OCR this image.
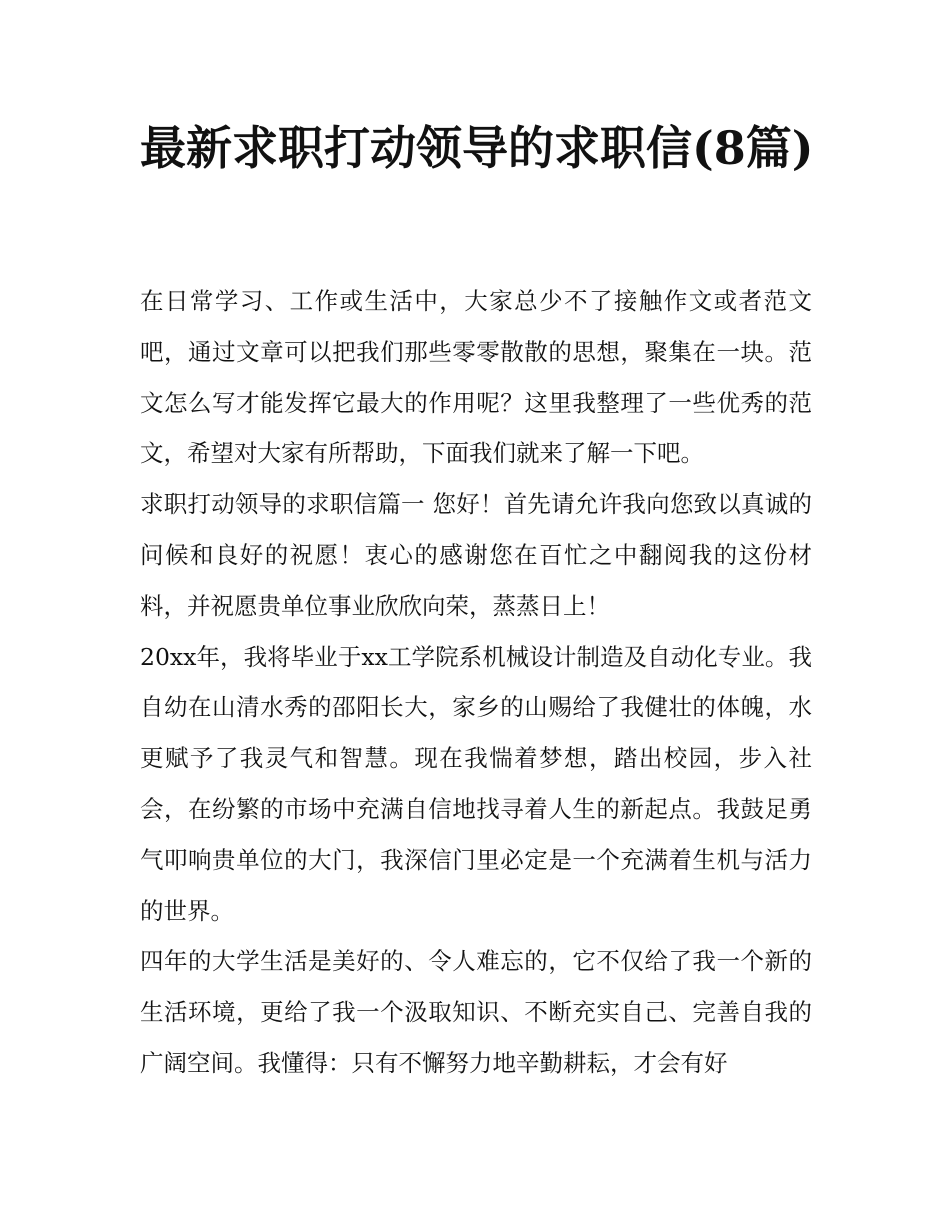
最新求职打动领导的求职信(8篇)

在日常学习、工作或生活中，大家总少不了接触作文或者范文吧，通过文章可以把我们那些零零散散的思想，聚集在一块。范文怎么写才能发挥它最大的作用呢？这里我整理了一些优秀的范文，希望对大家有所帮助，下面我们就来了解一下吧。

求职打动领导的求职信篇一 您好！首先请允许我向您致以真诚的问候和良好的祝愿！衷心的感谢您在百忙之中翻阅我的这份材料，并祝愿贵单位事业欣欣向荣，蒸蒸日上！

20xx年，我将毕业于xx工学院系机械设计制造及自动化专业。我自幼在山清水秀的邵阳长大，家乡的山赐给了我健壮的体魄，水更赋予了我灵气和智慧。现在我惴着梦想，踏出校园，步入社会，在纷繁的市场中充满自信地找寻着人生的新起点。我鼓足勇气叩响贵单位的大门，我深信门里必定是一个充满着生机与活力的世界。

四年的大学生活是美好的、令人难忘的，它不仅给了我一个新的生活环境，更给了我一个汲取知识、不断充实自己、完善自我的广阔空间。我懂得：只有不懈努力地辛勤耕耘，才会有好
